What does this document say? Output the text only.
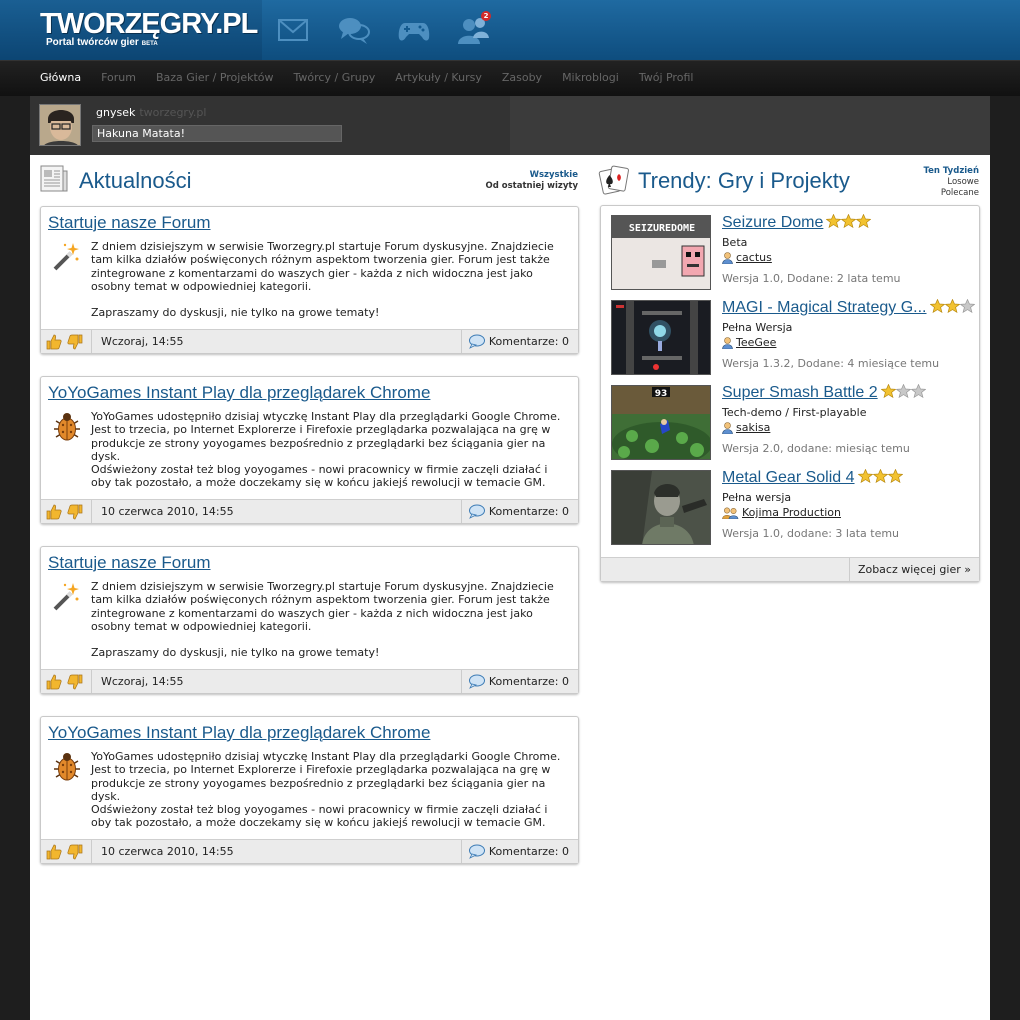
TWORZĘGRY.PL
Portal twórców gier BETA
2
Główna Forum Baza Gier / Projektów Twórcy / Grupy Artykuły / Kursy Zasoby Mikroblogi Twój Profil
gnysek tworzegry.pl
Hakuna Matata!
Aktualności	Wszystkie
Od ostatniej wizyty
Startuje nasze Forum
Z dniem dzisiejszym w serwisie Tworzegry.pl startuje Forum dyskusyjne. Znajdziecie tam kilka działów poświęconych różnym aspektom tworzenia gier. Forum jest także zintegrowane z komentarzami do waszych gier - każda z nich widoczna jest jako osobny temat w odpowiedniej kategorii.
Zapraszamy do dyskusji, nie tylko na growe tematy!
Wczoraj, 14:55	Komentarze: 0
YoYoGames Instant Play dla przeglądarek Chrome
YoYoGames udostępniło dzisiaj wtyczkę Instant Play dla przeglądarki Google Chrome. Jest to trzecia, po Internet Explorerze i Firefoxie przeglądarka pozwalająca na grę w produkcje ze strony yoyogames bezpośrednio z przeglądarki bez ściągania gier na dysk.
Odświeżony został też blog yoyogames - nowi pracownicy w firmie zaczęli działać i oby tak pozostało, a może doczekamy się w końcu jakiejś rewolucji w temacie GM.
10 czerwca 2010, 14:55	Komentarze: 0
Startuje nasze Forum
Z dniem dzisiejszym w serwisie Tworzegry.pl startuje Forum dyskusyjne. Znajdziecie tam kilka działów poświęconych różnym aspektom tworzenia gier. Forum jest także zintegrowane z komentarzami do waszych gier - każda z nich widoczna jest jako osobny temat w odpowiedniej kategorii.
Zapraszamy do dyskusji, nie tylko na growe tematy!
Wczoraj, 14:55	Komentarze: 0
YoYoGames Instant Play dla przeglądarek Chrome
YoYoGames udostępniło dzisiaj wtyczkę Instant Play dla przeglądarki Google Chrome. Jest to trzecia, po Internet Explorerze i Firefoxie przeglądarka pozwalająca na grę w produkcje ze strony yoyogames bezpośrednio z przeglądarki bez ściągania gier na dysk.
Odświeżony został też blog yoyogames - nowi pracownicy w firmie zaczęli działać i oby tak pozostało, a może doczekamy się w końcu jakiejś rewolucji w temacie GM.
10 czerwca 2010, 14:55	Komentarze: 0
Trendy: Gry i Projekty	Ten Tydzień
Losowe
Polecane
SEIZUREDOME Seizure Dome
Beta
cactus
Wersja 1.0, Dodane: 2 lata temu
MAGI - Magical Strategy G...
Pełna Wersja
TeeGee
Wersja 1.3.2, Dodane: 4 miesiące temu
93	Super Smash Battle 2
Tech-demo / First-playable
sakisa
Wersja 2.0, dodane: miesiąc temu
Metal Gear Solid 4
Pełna wersja
Kojima Production
Wersja 1.0, dodane: 3 lata temu
Zobacz więcej gier »
